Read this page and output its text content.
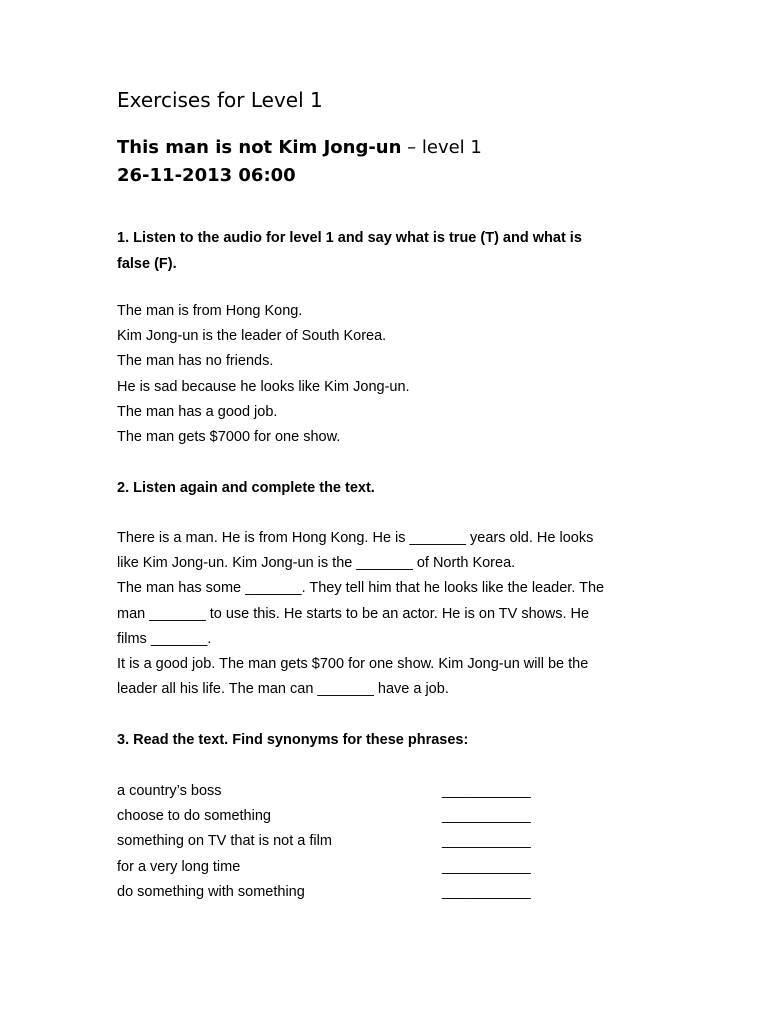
Exercises for Level 1
This man is not Kim Jong-un – level 1
26-11-2013 06:00
1. Listen to the audio for level 1 and say what is true (T) and what is
false (F).
The man is from Hong Kong.
Kim Jong-un is the leader of South Korea.
The man has no friends.
He is sad because he looks like Kim Jong-un.
The man has a good job.
The man gets $7000 for one show.
2. Listen again and complete the text.
There is a man. He is from Hong Kong. He is _______ years old. He looks
like Kim Jong-un. Kim Jong-un is the _______ of North Korea.
The man has some _______. They tell him that he looks like the leader. The
man _______ to use this. He starts to be an actor. He is on TV shows. He
films _______.
It is a good job. The man gets $700 for one show. Kim Jong-un will be the
leader all his life. The man can _______ have a job.
3. Read the text. Find synonyms for these phrases:
a country’s boss	___________
choose to do something	___________
something on TV that is not a film	___________
for a very long time	___________
do something with something	___________
